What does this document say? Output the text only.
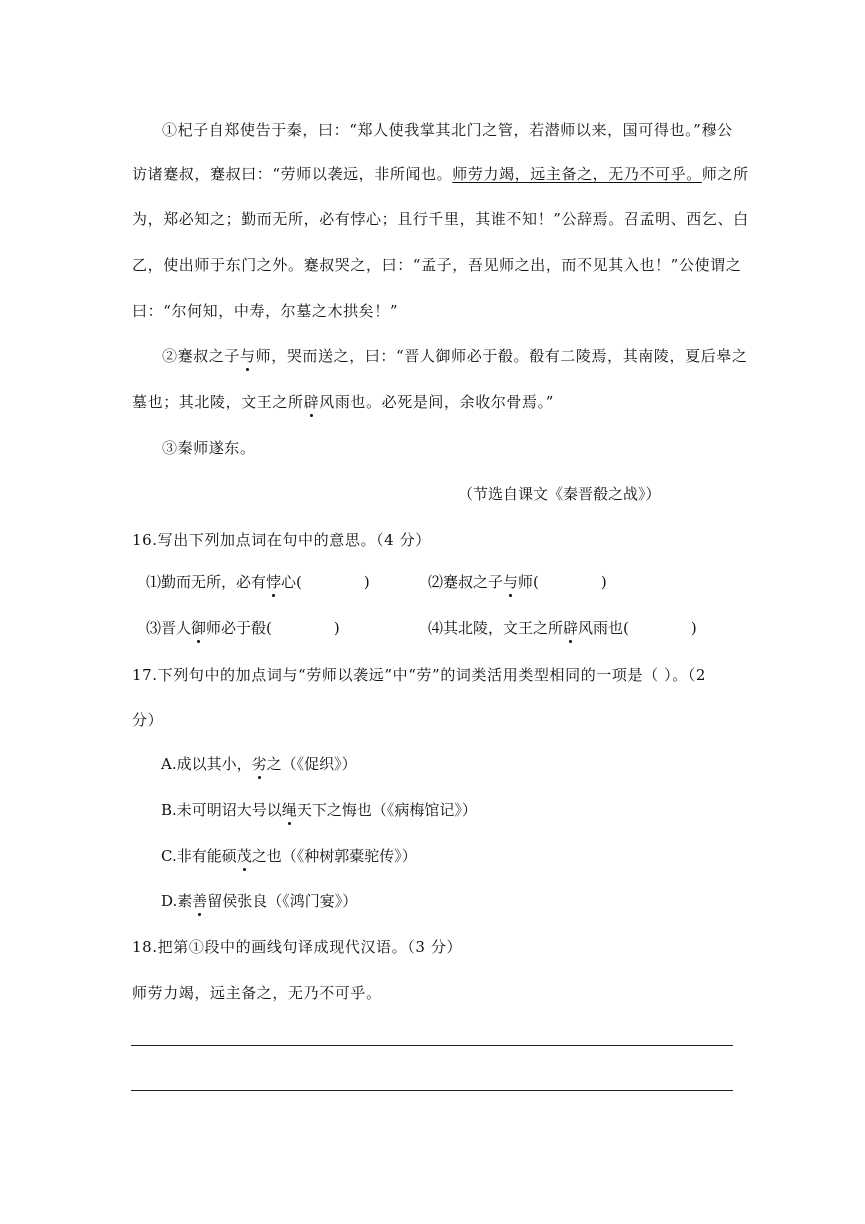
①杞子自郑使告于秦，曰：“郑人使我掌其北门之管，若潜师以来，国可得也。”穆公
访诸蹇叔，蹇叔曰：“劳师以袭远，非所闻也。师劳力竭，远主备之，无乃不可乎。师之所
为，郑必知之；勤而无所，必有悖心；且行千里，其谁不知！”公辞焉。召孟明、西乞、白
乙，使出师于东门之外。蹇叔哭之，曰：“孟子，吾见师之出，而不见其入也！”公使谓之
曰：“尔何知，中寿，尔墓之木拱矣！”
②蹇叔之子与师，哭而送之，曰：“晋人御师必于殽。殽有二陵焉，其南陵，夏后皋之
墓也；其北陵，文王之所辟风雨也。必死是间，余收尔骨焉。”
③秦师遂东。
（节选自课文《秦晋殽之战》）
16.写出下列加点词在句中的意思。（4 分）
⑴勤而无所，必有悖心(	)	⑵蹇叔之子与师(	)
⑶晋人御师必于殽(	)	⑷其北陵，文王之所辟风雨也(	)
17.下列句中的加点词与“劳师以袭远”中“劳”的词类活用类型相同的一项是（ ）。（2
分）
A.成以其小，劣之（《促织》）
B.未可明诏大号以绳天下之悔也（《病梅馆记》）
C.非有能硕茂之也（《种树郭橐驼传》）
D.素善留侯张良（《鸿门宴》）
18.把第①段中的画线句译成现代汉语。（3 分）
师劳力竭，远主备之，无乃不可乎。
